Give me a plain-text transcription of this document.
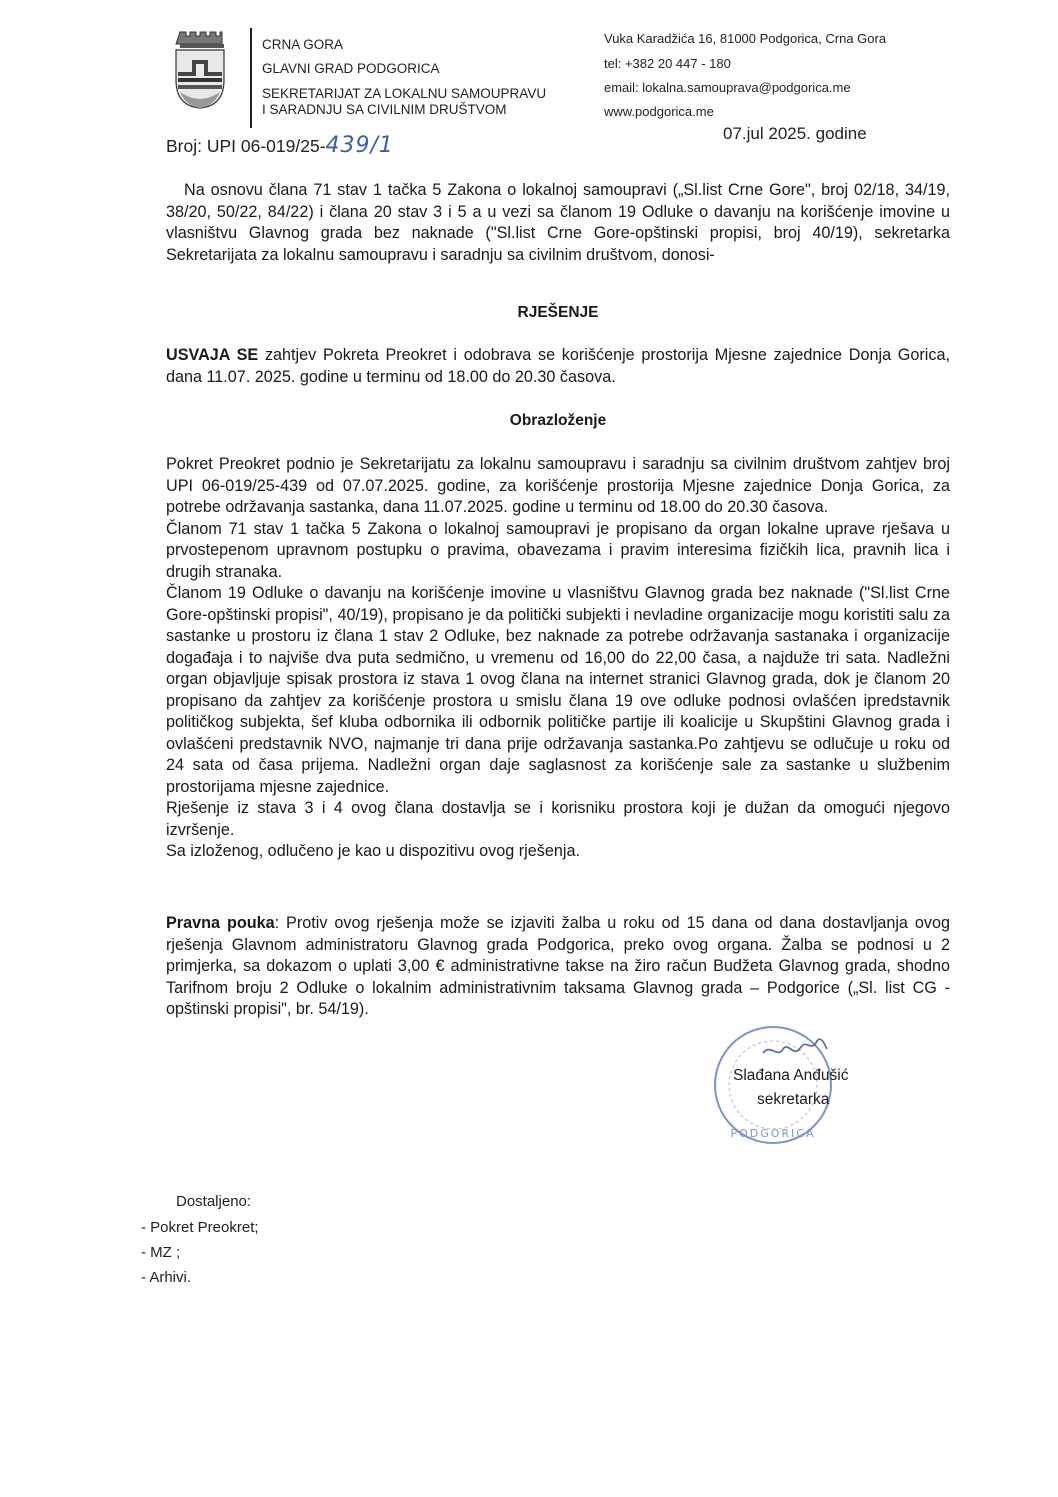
CRNA GORA
GLAVNI GRAD PODGORICA
SEKRETARIJAT ZA LOKALNU SAMOUPRAVU
I SARADNJU SA CIVILNIM DRUŠTVOM
Vuka Karadžića 16, 81000 Podgorica, Crna Gora
tel: +382 20 447 - 180
email: lokalna.samouprava@podgorica.me
www.podgorica.me
Broj: UPI 06-019/25-439/1	07.jul 2025. godine
Na osnovu člana 71 stav 1 tačka 5 Zakona o lokalnoj samoupravi („Sl.list Crne Gore", broj 02/18, 34/19, 38/20, 50/22, 84/22) i člana 20 stav 3 i 5 a u vezi sa članom 19 Odluke o davanju na korišćenje imovine u vlasništvu Glavnog grada bez naknade ("Sl.list Crne Gore-opštinski propisi, broj 40/19), sekretarka Sekretarijata za lokalnu samoupravu i saradnju sa civilnim društvom, donosi-
RJEŠENJE
USVAJA SE zahtjev Pokreta Preokret i odobrava se korišćenje prostorija Mjesne zajednice Donja Gorica, dana 11.07. 2025. godine u terminu od 18.00 do 20.30 časova.
Obrazloženje
Pokret Preokret podnio je Sekretarijatu za lokalnu samoupravu i saradnju sa civilnim društvom zahtjev broj UPI 06-019/25-439 od 07.07.2025. godine, za korišćenje prostorija Mjesne zajednice Donja Gorica, za potrebe održavanja sastanka, dana 11.07.2025. godine u terminu od 18.00 do 20.30 časova.
Članom 71 stav 1 tačka 5 Zakona o lokalnoj samoupravi je propisano da organ lokalne uprave rješava u prvostepenom upravnom postupku o pravima, obavezama i pravim interesima fizičkih lica, pravnih lica i drugih stranaka.
Članom 19 Odluke o davanju na korišćenje imovine u vlasništvu Glavnog grada bez naknade ("Sl.list Crne Gore-opštinski propisi", 40/19), propisano je da politički subjekti i nevladine organizacije mogu koristiti salu za sastanke u prostoru iz člana 1 stav 2 Odluke, bez naknade za potrebe održavanja sastanaka i organizacije događaja i to najviše dva puta sedmično, u vremenu od 16,00 do 22,00 časa, a najduže tri sata. Nadležni organ objavljuje spisak prostora iz stava 1 ovog člana na internet stranici Glavnog grada, dok je članom 20 propisano da zahtjev za korišćenje prostora u smislu člana 19 ove odluke podnosi ovlašćen ipredstavnik političkog subjekta, šef kluba odbornika ili odbornik političke partije ili koalicije u Skupštini Glavnog grada i ovlašćeni predstavnik NVO, najmanje tri dana prije održavanja sastanka.Po zahtjevu se odlučuje u roku od 24 sata od časa prijema. Nadležni organ daje saglasnost za korišćenje sale za sastanke u službenim prostorijama mjesne zajednice.
Rješenje iz stava 3 i 4 ovog člana dostavlja se i korisniku prostora koji je dužan da omogući njegovo izvršenje.
Sa izloženog, odlučeno je kao u dispozitivu ovog rješenja.
Pravna pouka: Protiv ovog rješenja može se izjaviti žalba u roku od 15 dana od dana dostavljanja ovog rješenja Glavnom administratoru Glavnog grada Podgorica, preko ovog organa. Žalba se podnosi u 2 primjerka, sa dokazom o uplati 3,00 € administrativne takse na žiro račun Budžeta Glavnog grada, shodno Tarifnom broju 2 Odluke o lokalnim administrativnim taksama Glavnog grada – Podgorice („Sl. list CG - opštinski propisi", br. 54/19).
PODGORICA
Slađana Anđušić
sekretarka
Dostaljeno:
- Pokret Preokret;
- MZ ;
- Arhivi.
